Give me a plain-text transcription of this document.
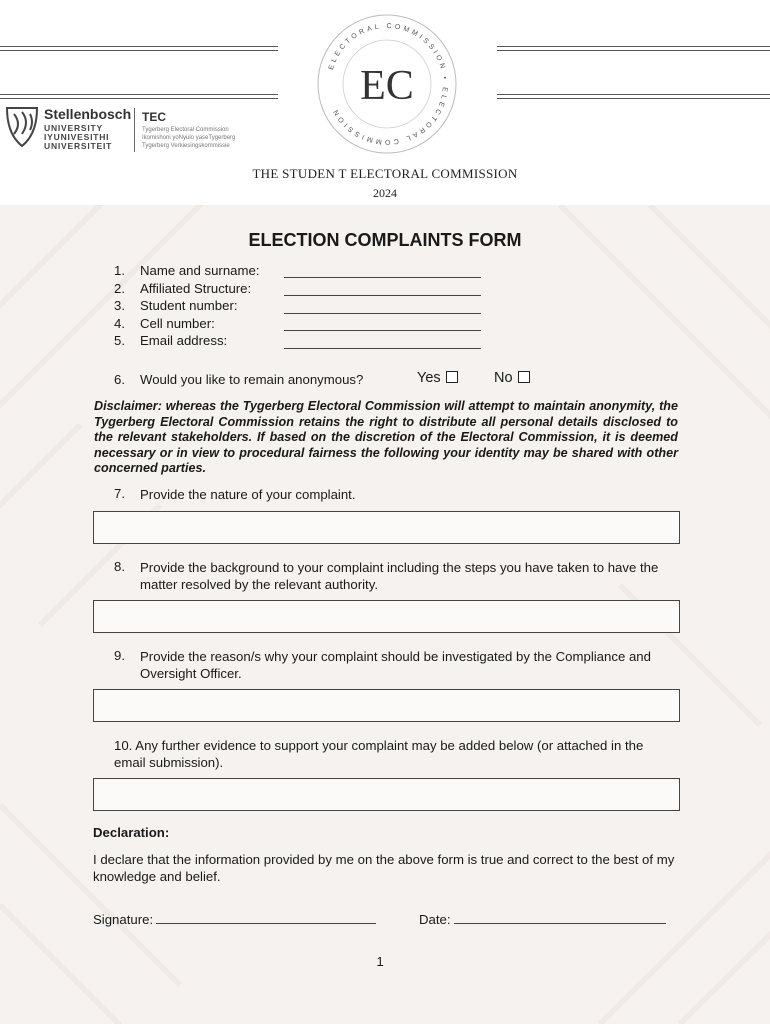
ELECTORAL COMMISSION • ELECTORAL COMMISSION
EC
Stellenbosch
UNIVERSITY
IYUNIVESITHI
UNIVERSITEIT
TEC
Tygerberg Electoral Commission
Ikomishoni yoNyulo yaseTygerberg
Tygerberg Verkiesingskommissie
THE STUDEN T ELECTORAL COMMISSION
2024
ELECTION COMPLAINTS FORM
1. Name and surname:
2. Affiliated Structure:
3. Student number:
4. Cell number:
5. Email address:
6. Would you like to remain anonymous?	Yes	No
Disclaimer: whereas the Tygerberg Electoral Commission will attempt to maintain anonymity, the Tygerberg Electoral Commission retains the right to distribute all personal details disclosed to the relevant stakeholders. If based on the discretion of the Electoral Commission, it is deemed necessary or in view to procedural fairness the following your identity may be shared with other concerned parties.
7. Provide the nature of your complaint.
8. Provide the background to your complaint including the steps you have taken to have the matter resolved by the relevant authority.
9. Provide the reason/s why your complaint should be investigated by the Compliance and Oversight Officer.
10. Any further evidence to support your complaint may be added below (or attached in the email submission).
Declaration:
I declare that the information provided by me on the above form is true and correct to the best of my knowledge and belief.
Signature:	Date:
1
